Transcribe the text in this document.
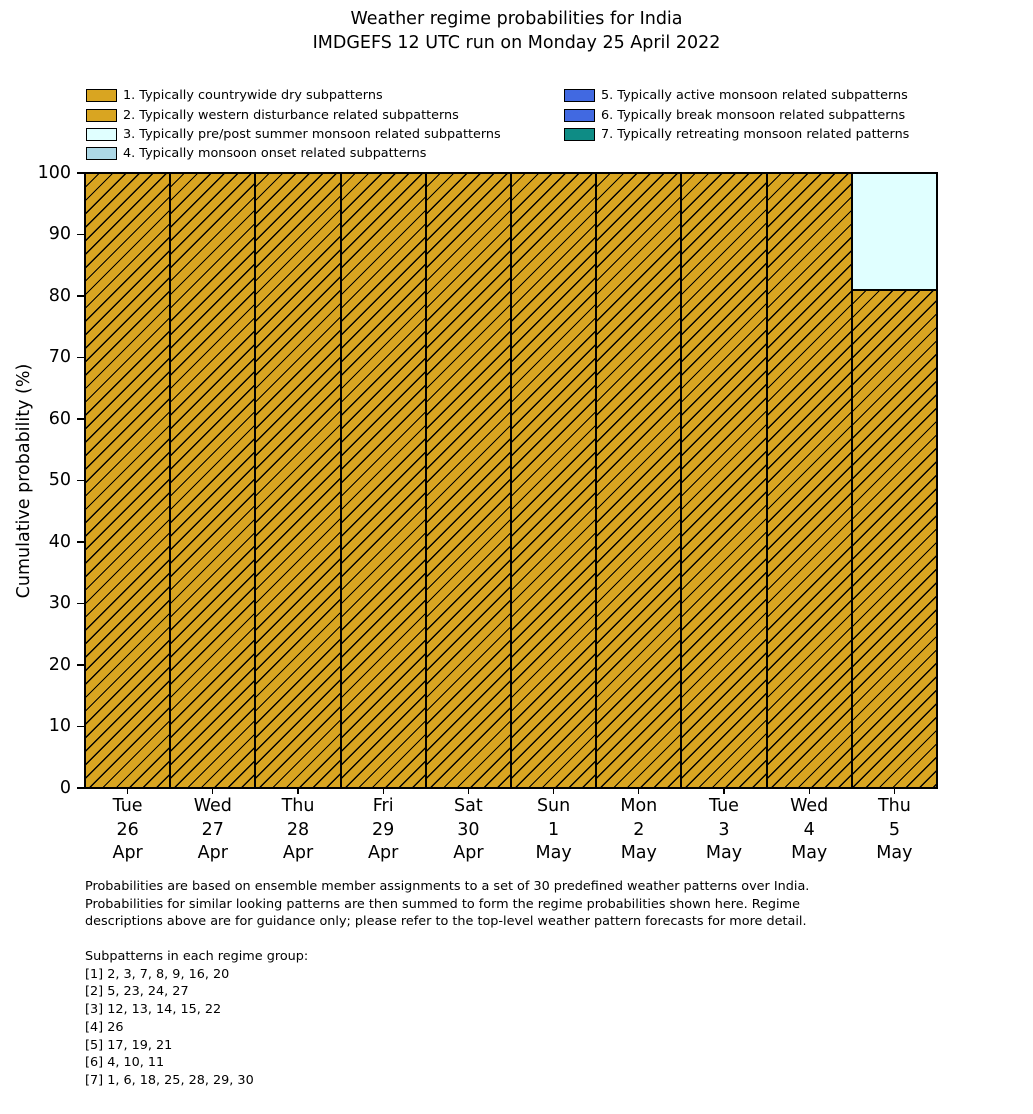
Weather regime probabilities for India
IMDGEFS 12 UTC run on Monday 25 April 2022
1. Typically countrywide dry subpatterns
2. Typically western disturbance related subpatterns
3. Typically pre/post summer monsoon related subpatterns
4. Typically monsoon onset related subpatterns
5. Typically active monsoon related subpatterns
6. Typically break monsoon related subpatterns
7. Typically retreating monsoon related patterns
Cumulative probability (%)
0
10
20
30
40
50
60
70
80
90
100
Tue
26
Apr
Wed
27
Apr
Thu
28
Apr
Fri
29
Apr
Sat
30
Apr
Sun
1
May
Mon
2
May
Tue
3
May
Wed
4
May
Thu
5
May
Probabilities are based on ensemble member assignments to a set of 30 predefined weather patterns over India.
Probabilities for similar looking patterns are then summed to form the regime probabilities shown here. Regime
descriptions above are for guidance only; please refer to the top-level weather pattern forecasts for more detail.
Subpatterns in each regime group:
[1] 2, 3, 7, 8, 9, 16, 20
[2] 5, 23, 24, 27
[3] 12, 13, 14, 15, 22
[4] 26
[5] 17, 19, 21
[6] 4, 10, 11
[7] 1, 6, 18, 25, 28, 29, 30
